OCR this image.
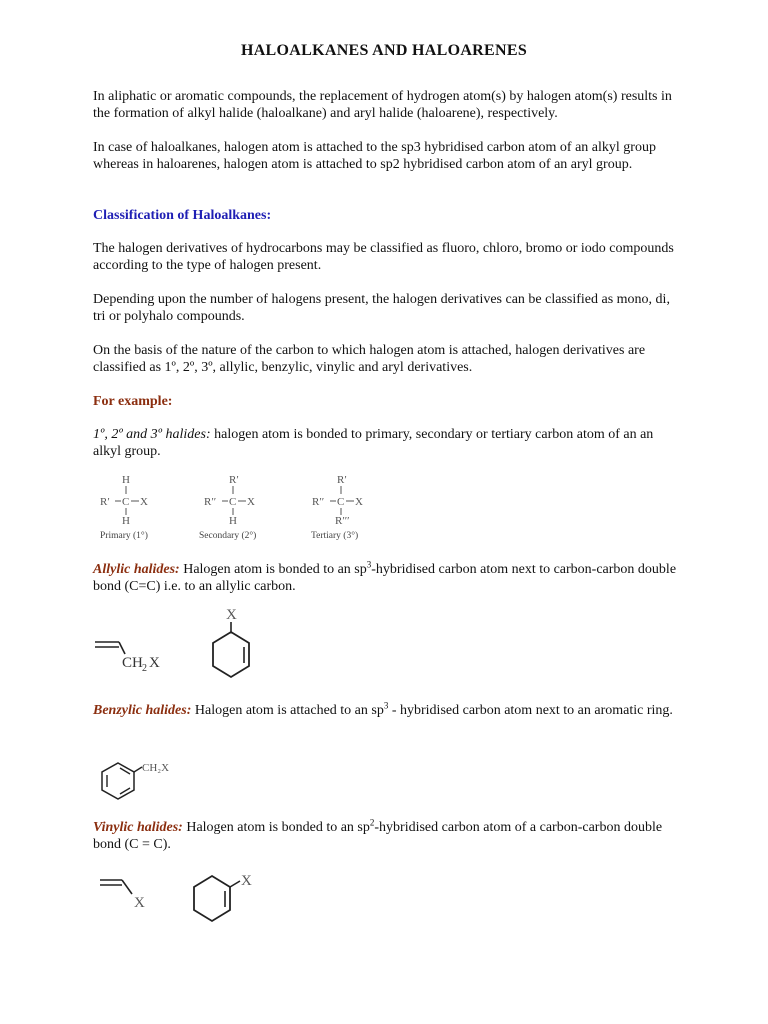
HALOALKANES AND HALOARENES
In aliphatic or aromatic compounds, the replacement of hydrogen atom(s) by halogen atom(s) results in the formation of alkyl halide (haloalkane) and aryl halide (haloarene), respectively.
In case of haloalkanes, halogen atom is attached to the sp3 hybridised carbon atom of an alkyl group whereas in haloarenes, halogen atom is attached to sp2 hybridised carbon atom of an aryl group.
Classification of Haloalkanes:
The halogen derivatives of hydrocarbons may be classified as fluoro, chloro, bromo or iodo compounds according to the type of halogen present.
Depending upon the number of halogens present, the halogen derivatives can be classified as mono, di, tri or polyhalo compounds.
On the basis of the nature of the carbon to which halogen atom is attached, halogen derivatives are classified as 1º, 2º, 3º, allylic, benzylic, vinylic and aryl derivatives.
For example:
1º, 2º and 3º halides: halogen atom is bonded to primary, secondary or tertiary carbon atom of an an alkyl group.
H
R′ C X
H
Primary (1°)
R′
R′′ C X
H
Secondary (2°)
R′
R′′ C X
R′′′
Tertiary (3°)
Allylic halides: Halogen atom is bonded to an $sp^3$-hybridised carbon atom next to carbon-carbon double bond (C=C) i.e. to an allylic carbon.
CH 2 X
X
Benzylic halides: Halogen atom is attached to an $sp^3$ - hybridised carbon atom next to an aromatic ring.
CH₂X
Vinylic halides: Halogen atom is bonded to an $sp^2$-hybridised carbon atom of a carbon-carbon double bond (C = C).
X
X
